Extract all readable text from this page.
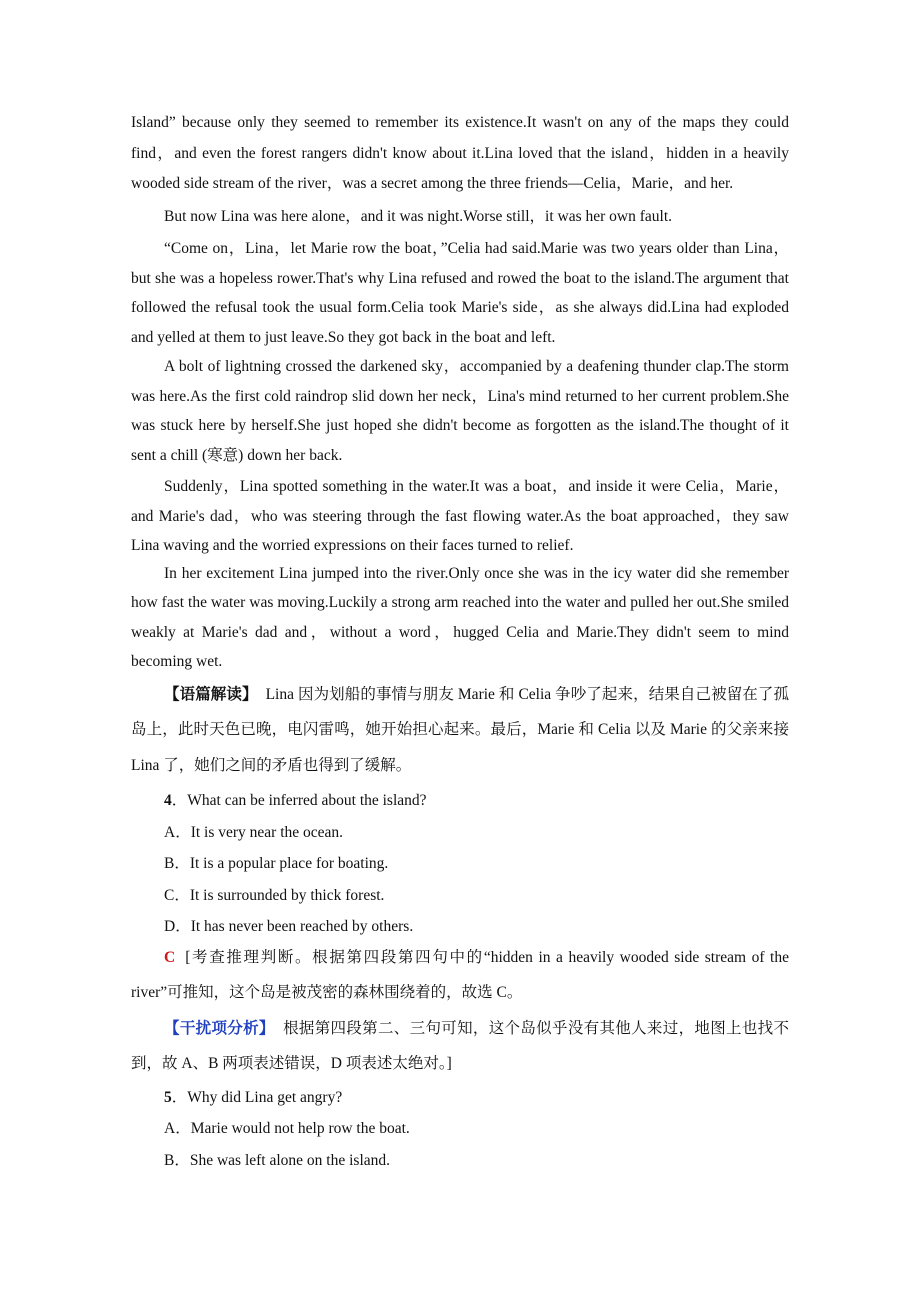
Island” because only they seemed to remember its existence.It wasn't on any of the maps they could find，and even the forest rangers didn't know about it.Lina loved that the island，hidden in a heavily wooded side stream of the river，was a secret among the three friends—Celia，Marie，and her.

But now Lina was here alone，and it was night.Worse still，it was her own fault.

“Come on，Lina，let Marie row the boat，”Celia had said.Marie was two years older than Lina，but she was a hopeless rower.That's why Lina refused and rowed the boat to the island.The argument that followed the refusal took the usual form.Celia took Marie's side，as she always did.Lina had exploded and yelled at them to just leave.So they got back in the boat and left.

A bolt of lightning crossed the darkened sky，accompanied by a deafening thunder clap.The storm was here.As the first cold raindrop slid down her neck，Lina's mind returned to her current problem.She was stuck here by herself.She just hoped she didn't become as forgotten as the island.The thought of it sent a chill (寒意) down her back.

Suddenly，Lina spotted something in the water.It was a boat，and inside it were Celia，Marie，and Marie's dad，who was steering through the fast flowing water.As the boat approached，they saw Lina waving and the worried expressions on their faces turned to relief.

In her excitement Lina jumped into the river.Only once she was in the icy water did she remember how fast the water was moving.Luckily a strong arm reached into the water and pulled her out.She smiled weakly at Marie's dad and，without a word，hugged Celia and Marie.They didn't seem to mind becoming wet.

【语篇解读】 Lina 因为划船的事情与朋友 Marie 和 Celia 争吵了起来，结果自己被留在了孤岛上，此时天色已晚，电闪雷鸣，她开始担心起来。最后，Marie 和 Celia 以及 Marie 的父亲来接 Lina 了，她们之间的矛盾也得到了缓解。

4．What can be inferred about the island?

A．It is very near the ocean.

B．It is a popular place for boating.

C．It is surrounded by thick forest.

D．It has never been reached by others.

C [考查推理判断。根据第四段第四句中的“hidden in a heavily wooded side stream of the river”可推知，这个岛是被茂密的森林围绕着的，故选 C。

【干扰项分析】 根据第四段第二、三句可知，这个岛似乎没有其他人来过，地图上也找不到，故 A、B 两项表述错误，D 项表述太绝对。]

5．Why did Lina get angry?

A．Marie would not help row the boat.

B．She was left alone on the island.
